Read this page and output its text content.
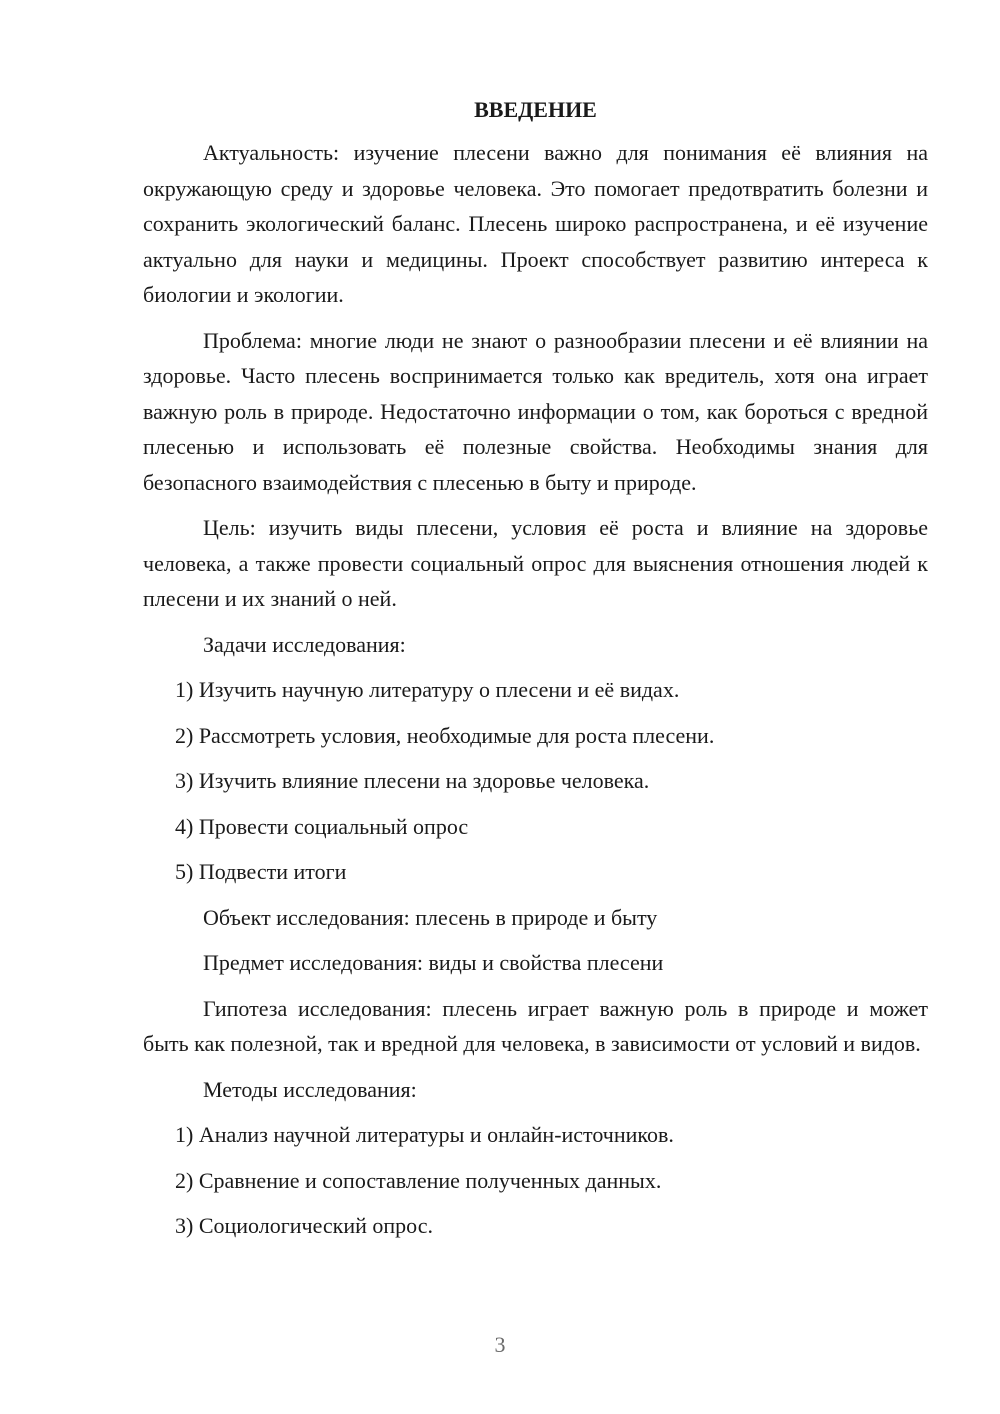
ВВЕДЕНИЕ

Актуальность: изучение плесени важно для понимания её влияния на окружающую среду и здоровье человека. Это помогает предотвратить болезни и сохранить экологический баланс. Плесень широко распространена, и её изучение актуально для науки и медицины. Проект способствует развитию интереса к биологии и экологии.

Проблема: многие люди не знают о разнообразии плесени и её влиянии на здоровье. Часто плесень воспринимается только как вредитель, хотя она играет важную роль в природе. Недостаточно информации о том, как бороться с вредной плесенью и использовать её полезные свойства. Необходимы знания для безопасного взаимодействия с плесенью в быту и природе.

Цель: изучить виды плесени, условия её роста и влияние на здоровье человека, а также провести социальный опрос для выяснения отношения людей к плесени и их знаний о ней.

Задачи исследования:
1) Изучить научную литературу о плесени и её видах.
2) Рассмотреть условия, необходимые для роста плесени.
3) Изучить влияние плесени на здоровье человека.
4) Провести социальный опрос
5) Подвести итоги
Объект исследования: плесень в природе и быту
Предмет исследования: виды и свойства плесени

Гипотеза исследования: плесень играет важную роль в природе и может быть как полезной, так и вредной для человека, в зависимости от условий и видов.

Методы исследования:
1) Анализ научной литературы и онлайн-источников.
2) Сравнение и сопоставление полученных данных.
3) Социологический опрос.
3
